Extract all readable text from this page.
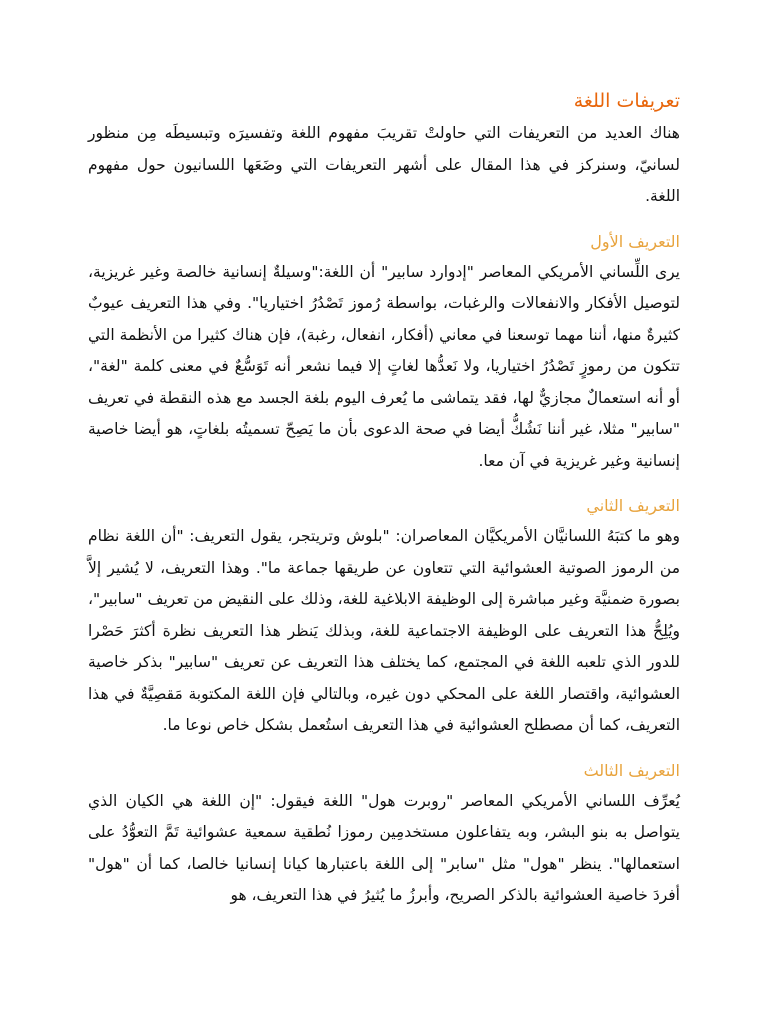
تعريفات اللغة

هناك العديد من التعريفات التي حاولتْ تقريبَ مفهوم اللغة وتفسيرَه وتبسيطَه مِن منظور لسانيّ، وسنركز في هذا المقال على أشهر التعريفات التي وضَعَها اللسانيون حول مفهوم اللغة.

التعريف الأول

يرى اللِّساني الأمريكي المعاصر "إدوارد سابير" أن اللغة:"وسيلةٌ إنسانية خالصة وغير غريزية، لتوصيل الأفكار والانفعالات والرغبات، بواسطة رُموز تَصْدُرُ اختياريا". وفي هذا التعريف عيوبٌ كثيرةٌ منها، أننا مهما توسعنا في معاني (أفكار، انفعال، رغبة)، فإن هناك كثيرا من الأنظمة التي تتكون من رموزٍ تَصْدُرُ اختياريا، ولا نَعدُّها لغاتٍ إلا فيما نشعر أنه تَوَسُّعٌ في معنى كلمة "لغة"، أو أنه استعمالٌ مجازيٌّ لها، فقد يتماشى ما يُعرف اليوم بلغة الجسد مع هذه النقطة في تعريف "سابير" مثلا، غير أننا نَشُكُّ أيضا في صحة الدعوى بأن ما يَصِحّ تسميتُه بلغاتٍ، هو أيضا خاصية إنسانية وغير غريزية في آن معا.

التعريف الثاني

وهو ما كتبَهُ اللسانيَّان الأمريكيَّان المعاصران: "بلوش وتريتجر، يقول التعريف: "أن اللغة نظام من الرموز الصوتية العشوائية التي تتعاون عن طريقها جماعة ما". وهذا التعريف، لا يُشير إلاَّ بصورة ضمنيَّة وغير مباشرة إلى الوظيفة الابلاغية للغة، وذلك على النقيض من تعريف "سابير"، ويُلِحُّ هذا التعريف على الوظيفة الاجتماعية للغة، وبذلك يَنظر هذا التعريف نظرة أكثرَ حَصْرا للدور الذي تلعبه اللغة في المجتمع، كما يختلف هذا التعريف عن تعريف "سابير" بذكر خاصية العشوائية، واقتصار اللغة على المحكي دون غيره، وبالتالي فإن اللغة المكتوبة مَقصِيَّةٌ في هذا التعريف، كما أن مصطلح العشوائية في هذا التعريف استُعمل بشكل خاص نوعا ما.

التعريف الثالث

يُعرِّف اللساني الأمريكي المعاصر "روبرت هول" اللغة فيقول: "إن اللغة هي الكيان الذي يتواصل به بنو البشر، وبه يتفاعلون مستخدمِين رموزا نُطقية سمعية عشوائية تَمَّ التعوُّدُ على استعمالها". ينظر "هول" مثل "سابر" إلى اللغة باعتبارها كيانا إنسانيا خالصا، كما أن "هول" أفردَ خاصية العشوائية بالذكر الصريح، وأبرزُ ما يُثيرُ في هذا التعريف، هو
